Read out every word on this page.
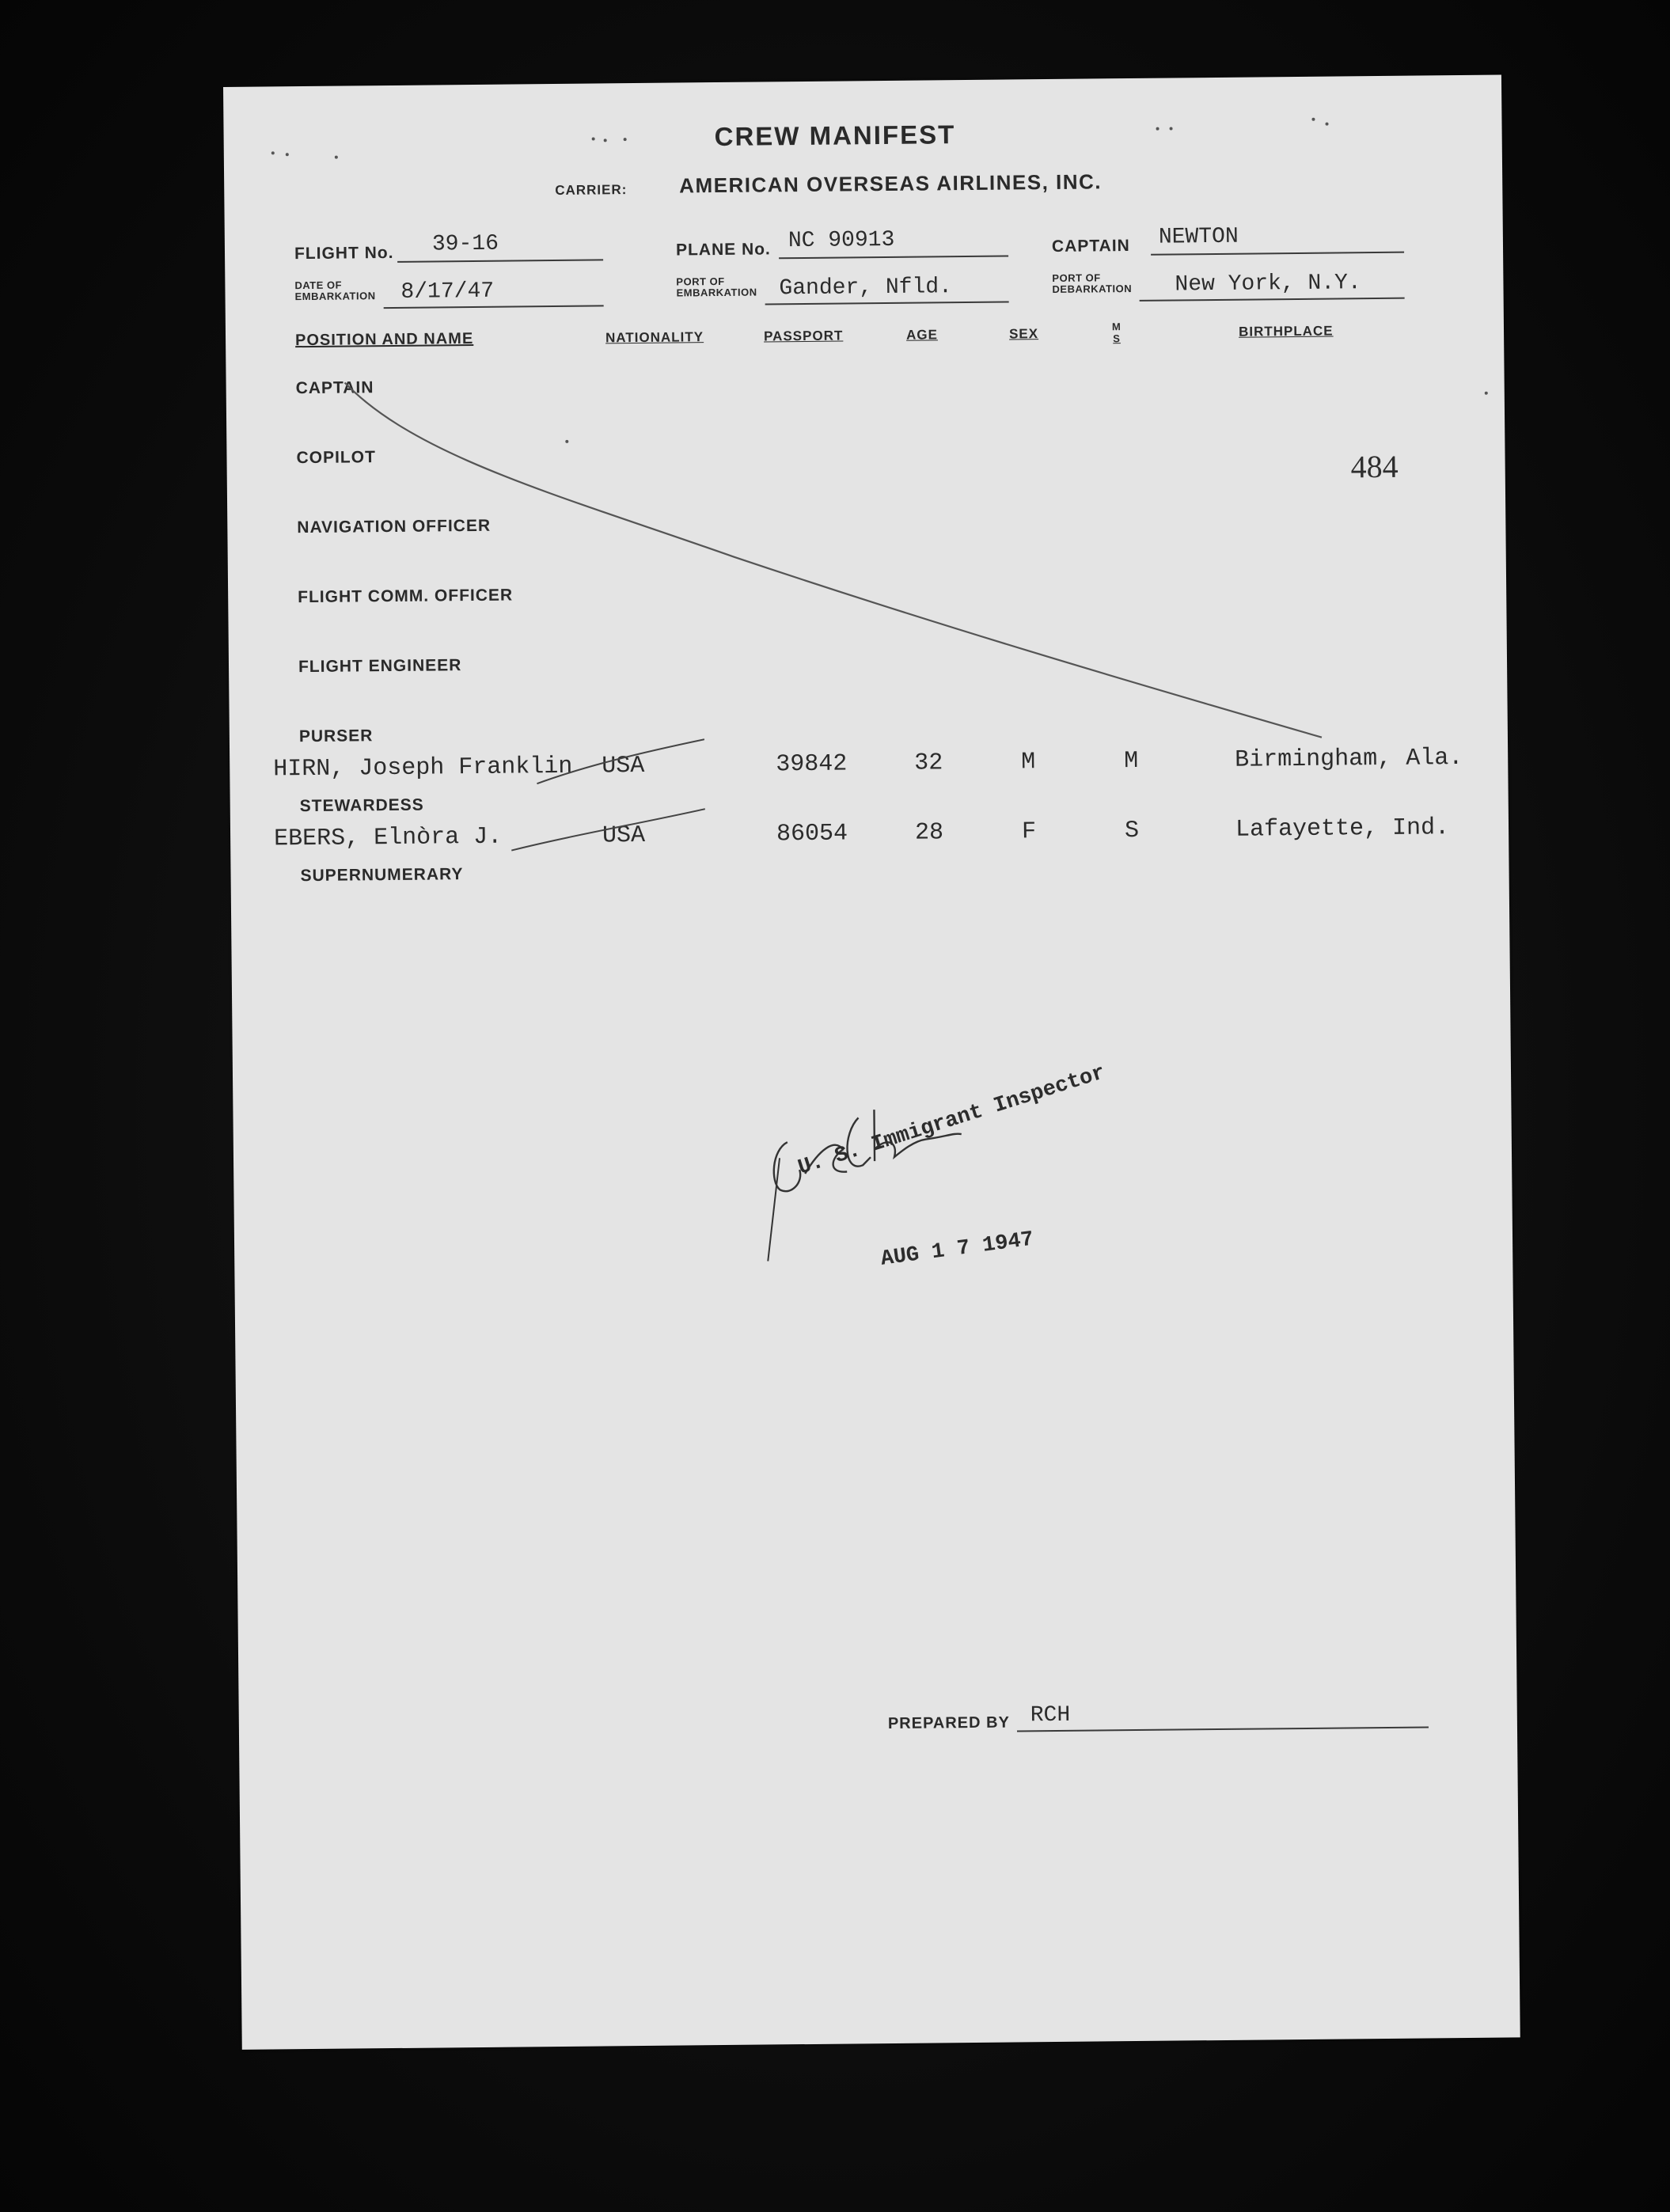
CREW MANIFEST
CARRIER:	AMERICAN OVERSEAS AIRLINES, INC.
FLIGHT No. 39-16	PLANE No. NC 90913	CAPTAIN NEWTON
DATE OF
EMBARKATION 8/17/47	PORT OF
EMBARKATION Gander, Nfld.	PORT OF
DEBARKATION New York, N.Y.
POSITION AND NAME	NATIONALITY	PASSPORT	AGE	SEX	M
S	BIRTHPLACE
CAPTAIN
COPILOT
NAVIGATION OFFICER
FLIGHT COMM. OFFICER
FLIGHT ENGINEER
PURSER
STEWARDESS
SUPERNUMERARY
484
HIRN, Joseph Franklin USA	39842	32	M	M	Birmingham, Ala.
EBERS, Elnòra J.	USA	86054	28	F	S	Lafayette, Ind.
U. S. Immigrant Inspector
AUG 1 7 1947
PREPARED BY RCH
